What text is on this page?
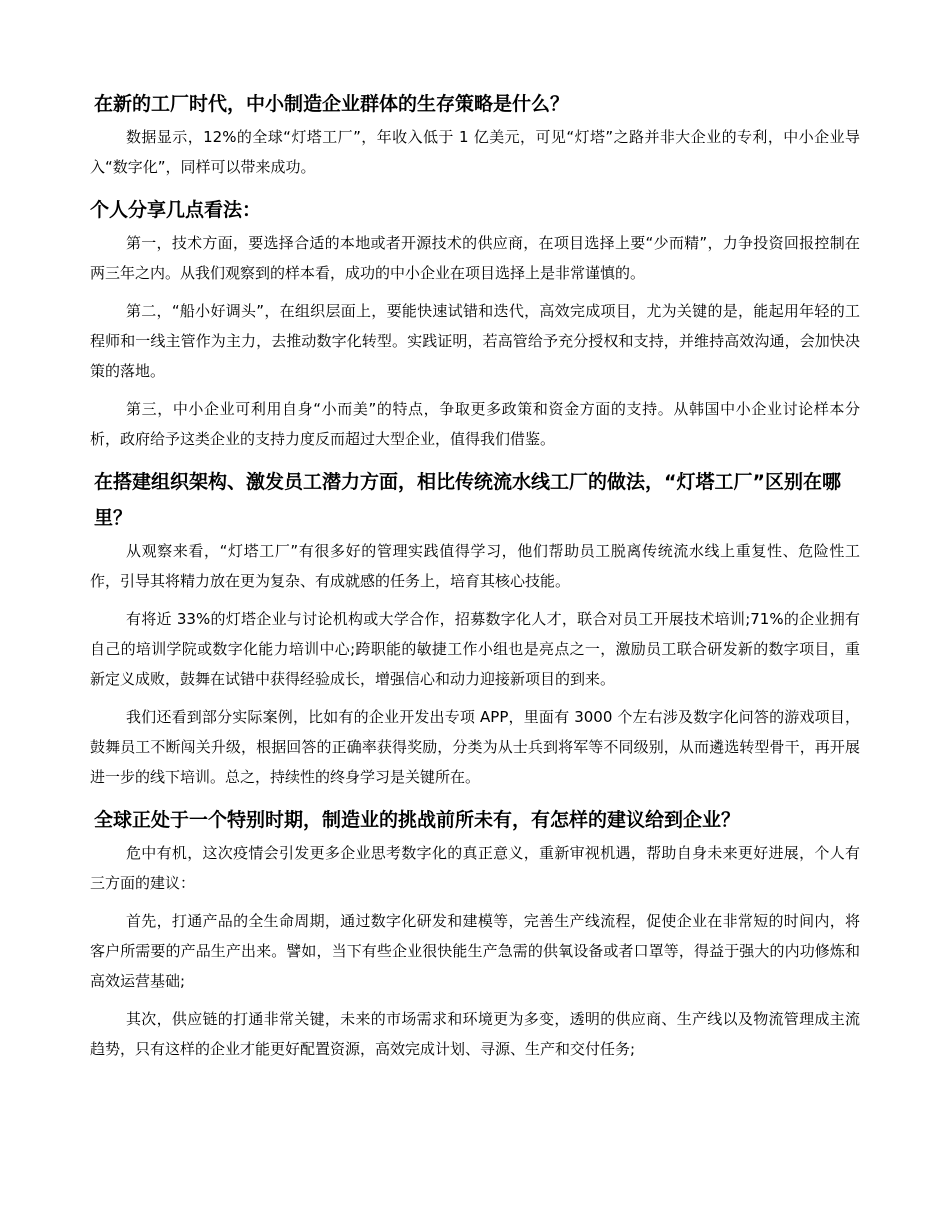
在新的工厂时代，中小制造企业群体的生存策略是什么？

数据显示，12%的全球“灯塔工厂”，年收入低于 1 亿美元，可见“灯塔”之路并非大企业的专利，中小企业导入“数字化”，同样可以带来成功。

个人分享几点看法：

第一，技术方面，要选择合适的本地或者开源技术的供应商，在项目选择上要“少而精”，力争投资回报控制在两三年之内。从我们观察到的样本看，成功的中小企业在项目选择上是非常谨慎的。

第二，“船小好调头”，在组织层面上，要能快速试错和迭代，高效完成项目，尤为关键的是，能起用年轻的工程师和一线主管作为主力，去推动数字化转型。实践证明，若高管给予充分授权和支持，并维持高效沟通，会加快决策的落地。

第三，中小企业可利用自身“小而美”的特点，争取更多政策和资金方面的支持。从韩国中小企业讨论样本分析，政府给予这类企业的支持力度反而超过大型企业，值得我们借鉴。

在搭建组织架构、激发员工潜力方面，相比传统流水线工厂的做法，“灯塔工厂”区别在哪里？

从观察来看，“灯塔工厂”有很多好的管理实践值得学习，他们帮助员工脱离传统流水线上重复性、危险性工作，引导其将精力放在更为复杂、有成就感的任务上，培育其核心技能。

有将近 33%的灯塔企业与讨论机构或大学合作，招募数字化人才，联合对员工开展技术培训;71%的企业拥有自己的培训学院或数字化能力培训中心;跨职能的敏捷工作小组也是亮点之一，激励员工联合研发新的数字项目，重新定义成败，鼓舞在试错中获得经验成长，增强信心和动力迎接新项目的到来。

我们还看到部分实际案例，比如有的企业开发出专项 APP，里面有 3000 个左右涉及数字化问答的游戏项目，鼓舞员工不断闯关升级，根据回答的正确率获得奖励，分类为从士兵到将军等不同级别，从而遴选转型骨干，再开展进一步的线下培训。总之，持续性的终身学习是关键所在。

全球正处于一个特别时期，制造业的挑战前所未有，有怎样的建议给到企业？

危中有机，这次疫情会引发更多企业思考数字化的真正意义，重新审视机遇，帮助自身未来更好进展，个人有三方面的建议：

首先，打通产品的全生命周期，通过数字化研发和建模等，完善生产线流程，促使企业在非常短的时间内，将客户所需要的产品生产出来。譬如，当下有些企业很快能生产急需的供氧设备或者口罩等，得益于强大的内功修炼和高效运营基础;

其次，供应链的打通非常关键，未来的市场需求和环境更为多变，透明的供应商、生产线以及物流管理成主流趋势，只有这样的企业才能更好配置资源，高效完成计划、寻源、生产和交付任务;
